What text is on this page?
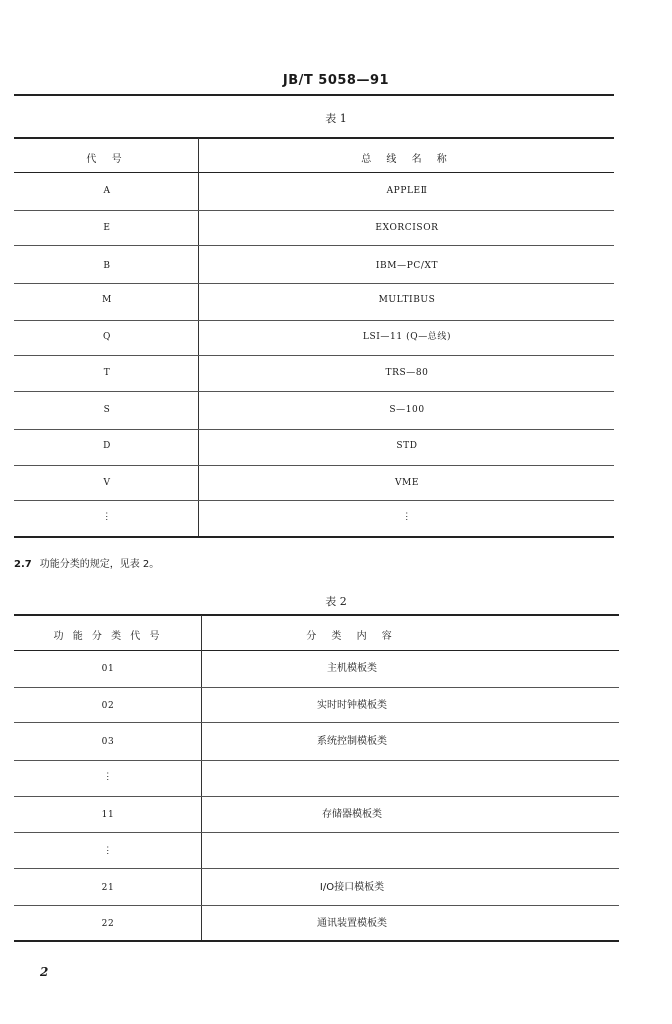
JB/T 5058—91
表 1
代 号	总 线 名 称
A	APPLEⅡ
E	EXORCISOR
B	IBM—PC/XT
M	MULTIBUS
Q	LSI—11 (Q—总线)
T	TRS—80
S	S—100
D	STD
V	VME
⋮	⋮
2.7 功能分类的规定，见表 2。
表 2
功 能 分 类 代 号	分 类 内 容
01	主机模板类
02	实时时钟模板类
03	系统控制模板类
⋮
11	存储器模板类
⋮
21	I/O接口模板类
22	通讯装置模板类
2
